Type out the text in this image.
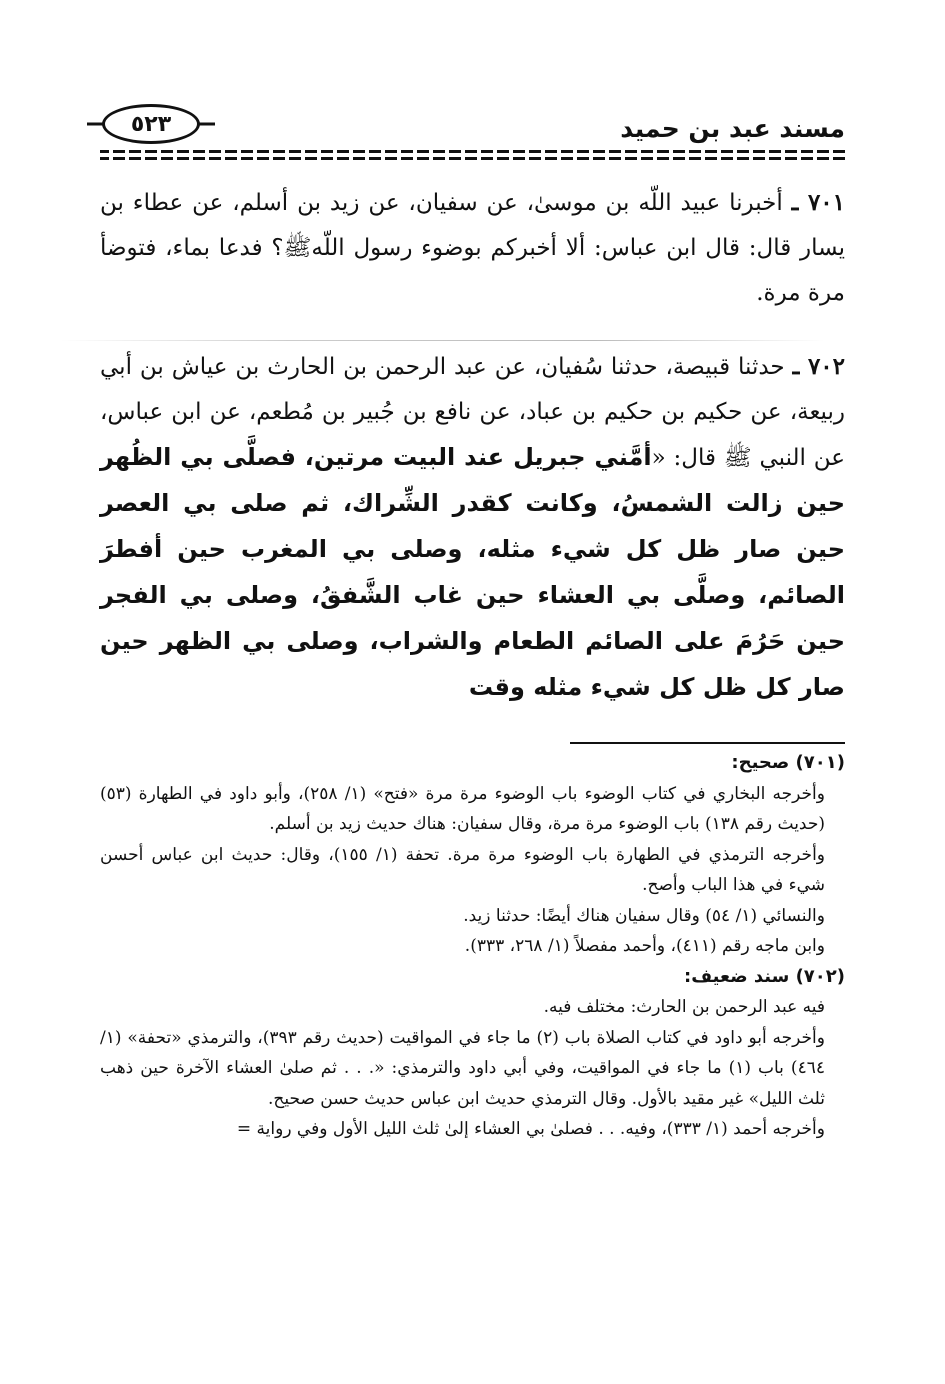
مسند عبد بن حميد
٥٢٣

٧٠١ ـ أخبرنا عبيد اللّه بن موسىٰ، عن سفيان، عن زيد بن أسلم، عن عطاء بن يسار قال: قال ابن عباس: ألا أخبركم بوضوء رسول اللّهﷺ؟ فدعا بماء، فتوضأ مرة مرة.

٧٠٢ ـ حدثنا قبيصة، حدثنا سُفيان، عن عبد الرحمن بن الحارث بن عياش بن أبي ربيعة، عن حكيم بن حكيم بن عباد، عن نافع بن جُبير بن مُطعم، عن ابن عباس، عن النبي ﷺ قال: «أمَّني جبريل عند البيت مرتين، فصلَّى بي الظُهر حين زالت الشمسُ، وكانت كقدر الشِّراك، ثم صلى بي العصر حين صار ظل كل شيء مثله، وصلى بي المغرب حين أفطرَ الصائم، وصلَّى بي العشاء حين غاب الشَّفقُ، وصلى بي الفجر حين حَرُمَ على الصائم الطعام والشراب، وصلى بي الظهر حين صار كل ظل كل شيء مثله وقت

(٧٠١) صحيح:

وأخرجه البخاري في كتاب الوضوء باب الوضوء مرة مرة «فتح» (١/ ٢٥٨)، وأبو داود في الطهارة (٥٣) (حديث رقم ١٣٨) باب الوضوء مرة مرة، وقال سفيان: هناك حديث زيد بن أسلم.

وأخرجه الترمذي في الطهارة باب الوضوء مرة مرة. تحفة (١/ ١٥٥)، وقال: حديث ابن عباس أحسن شيء في هذا الباب وأصح.

والنسائي (١/ ٥٤) وقال سفيان هناك أيضًا: حدثنا زيد.

وابن ماجه رقم (٤١١)، وأحمد مفصلاً (١/ ٢٦٨، ٣٣٣).

(٧٠٢) سند ضعيف:

فيه عبد الرحمن بن الحارث: مختلف فيه.

وأخرجه أبو داود في كتاب الصلاة باب (٢) ما جاء في المواقيت (حديث رقم ٣٩٣)، والترمذي «تحفة» (١/ ٤٦٤) باب (١) ما جاء في المواقيت، وفي أبي داود والترمذي: «. . . ثم صلىٰ العشاء الآخرة حين ذهب ثلث الليل» غير مقيد بالأول. وقال الترمذي حديث ابن عباس حديث حسن صحيح.

وأخرجه أحمد (١/ ٣٣٣)، وفيه. . . فصلىٰ بي العشاء إلىٰ ثلث الليل الأول وفي رواية =
